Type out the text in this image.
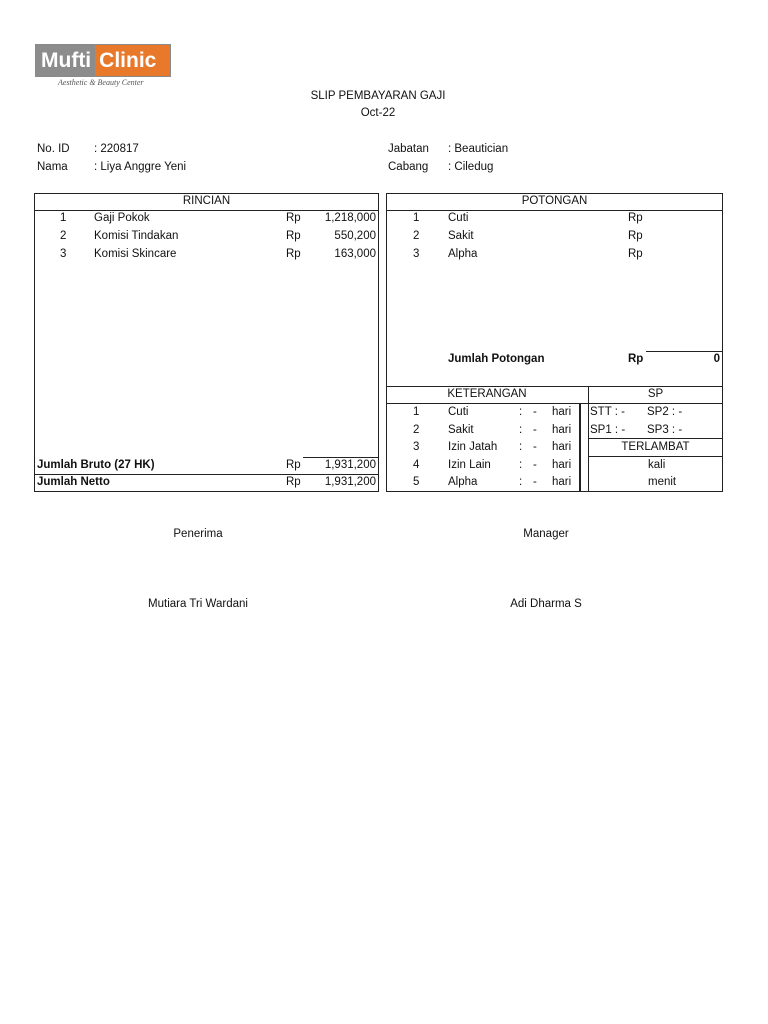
Mufti Clinic
Aesthetic & Beauty Center
SLIP PEMBAYARAN GAJI
Oct-22
No. ID : 220817
Nama : Liya Anggre Yeni
Jabatan : Beautician
Cabang : Ciledug
RINCIAN
1 Gaji Pokok	Rp	1,218,000
2 Komisi Tindakan	Rp	550,200
3 Komisi Skincare	Rp	163,000
Jumlah Bruto (27 HK)	Rp	1,931,200
Jumlah Netto	Rp	1,931,200
POTONGAN
1 Cuti	Rp
2 Sakit	Rp
3 Alpha	Rp
Jumlah Potongan	Rp	0
KETERANGAN	SP
1 Cuti	: - hari
2 Sakit	: - hari
3 Izin Jatah : - hari
4 Izin Lain : - hari
5 Alpha	: - hari
STT : - SP2 : -
SP1 : - SP3 : -
TERLAMBAT
kali
menit
Penerima
Mutiara Tri Wardani
Manager
Adi Dharma S
